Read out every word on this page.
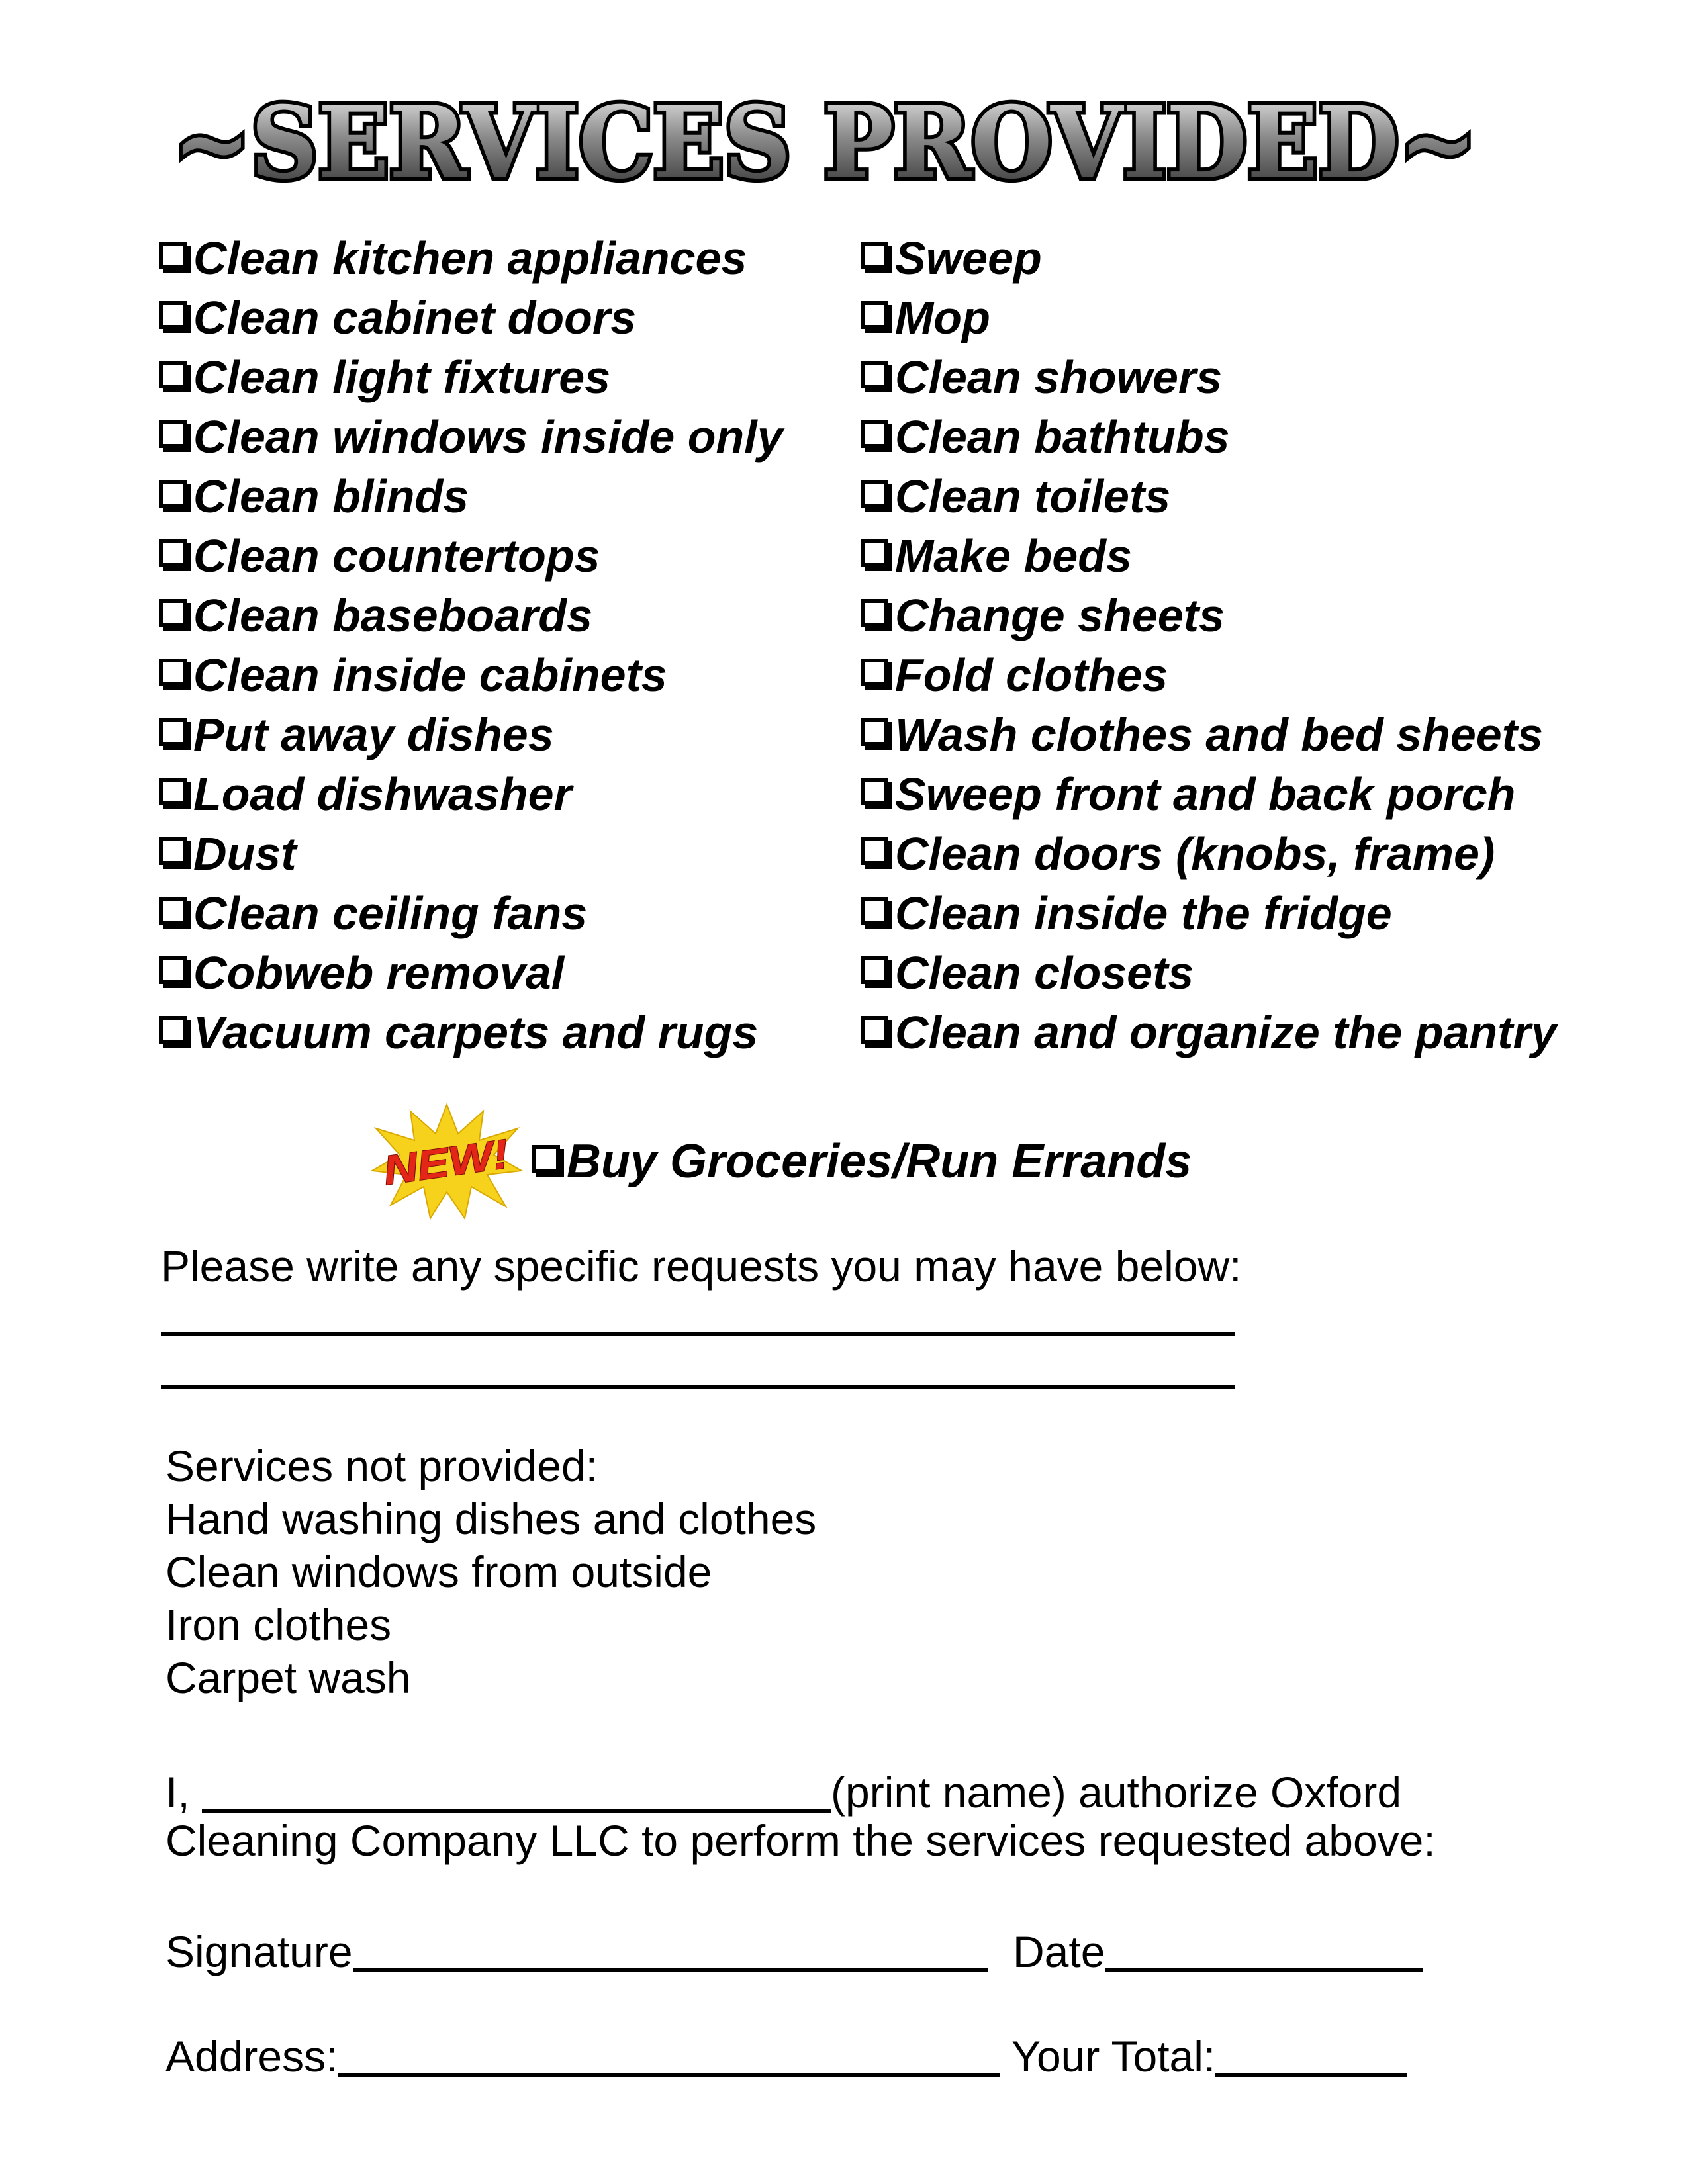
~SERVICES PROVIDED~
Clean kitchen appliances
Clean cabinet doors
Clean light fixtures
Clean windows inside only
Clean blinds
Clean countertops
Clean baseboards
Clean inside cabinets
Put away dishes
Load dishwasher
Dust
Clean ceiling fans
Cobweb removal
Vacuum carpets and rugs
Sweep
Mop
Clean showers
Clean bathtubs
Clean toilets
Make beds
Change sheets
Fold clothes
Wash clothes and bed sheets
Sweep front and back porch
Clean doors (knobs, frame)
Clean inside the fridge
Clean closets
Clean and organize the pantry
NEW!	Buy Groceries/Run Errands
Please write any specific requests you may have below:
Services not provided:
Hand washing dishes and clothes
Clean windows from outside
Iron clothes
Carpet wash
I,	(print name) authorize Oxford
Cleaning Company LLC to perform the services requested above:
Signature	Date
Address:	Your Total:
